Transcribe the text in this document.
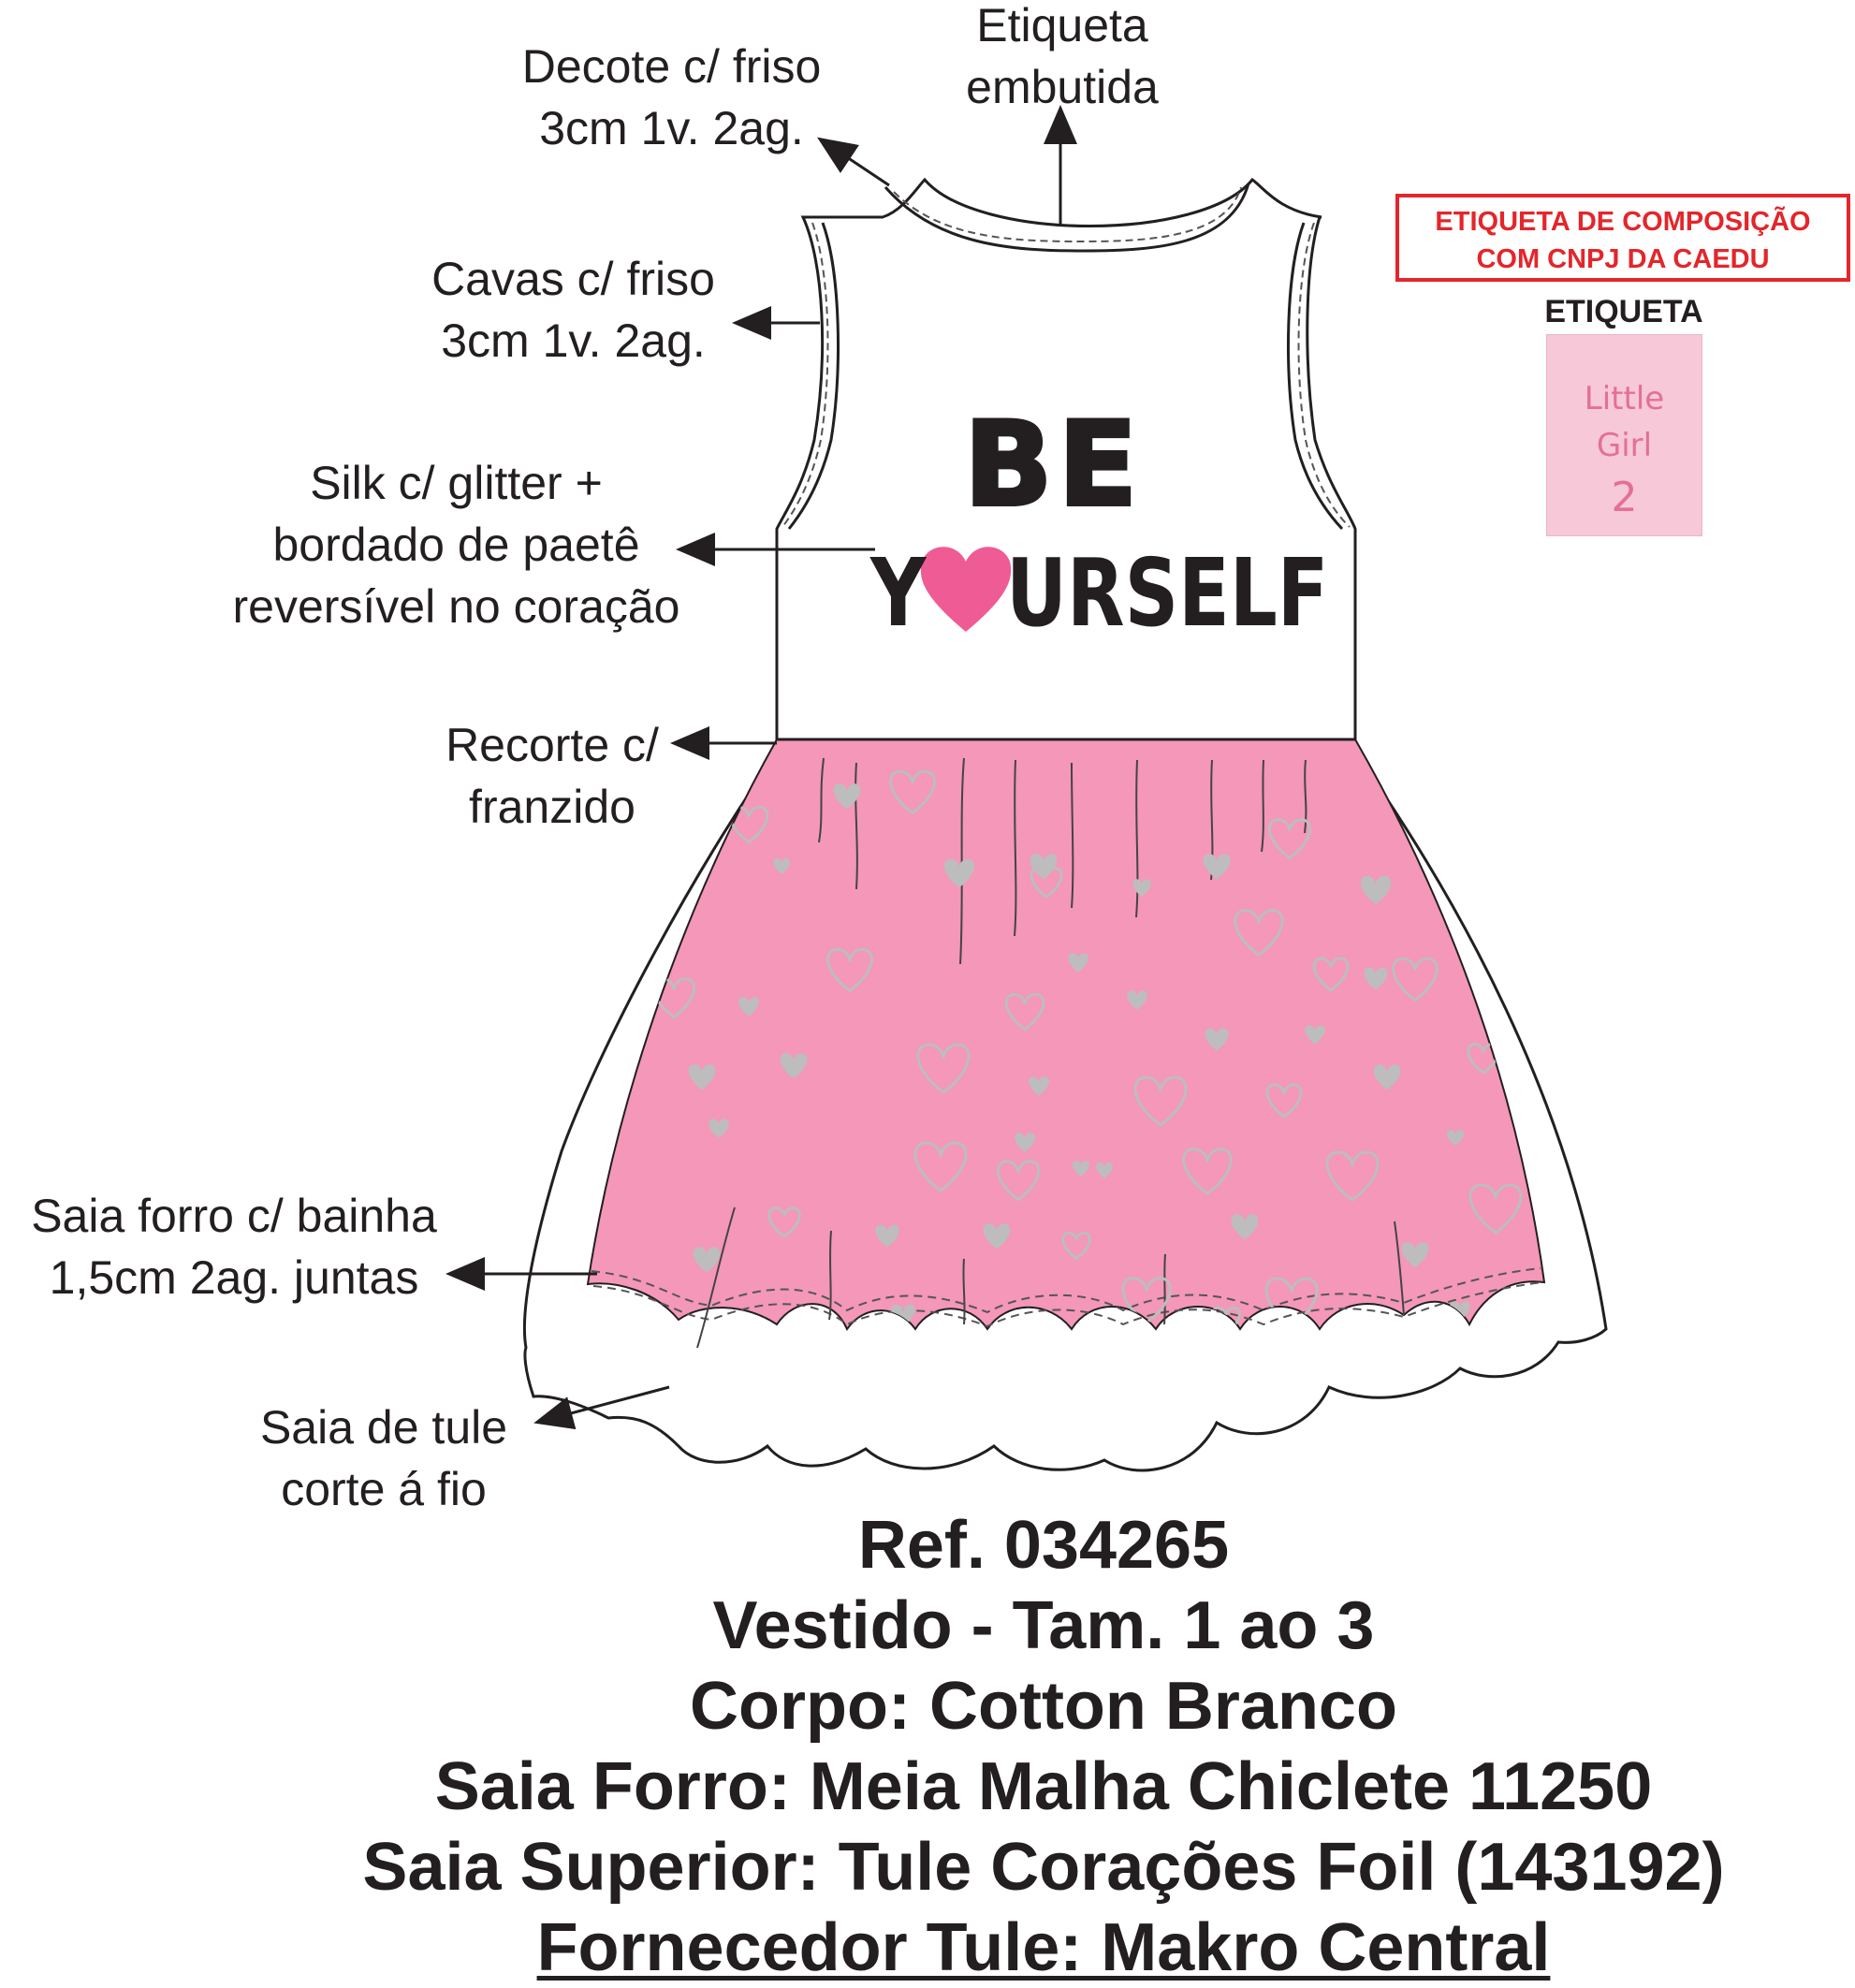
BE
Y URSELF
Etiqueta
embutida
Decote c/ friso
3cm 1v. 2ag.
Cavas c/ friso
3cm 1v. 2ag.
Silk c/ glitter +
bordado de paetê
reversível no coração
Recorte c/
franzido
Saia forro c/ bainha
1,5cm 2ag. juntas
Saia de tule
corte á fio
ETIQUETA DE COMPOSIÇÃO
COM CNPJ DA CAEDU
ETIQUETA
Little
Girl
2
Ref. 034265
Vestido - Tam. 1 ao 3
Corpo: Cotton Branco
Saia Forro: Meia Malha Chiclete 11250
Saia Superior: Tule Corações Foil (143192)
Fornecedor Tule: Makro Central
